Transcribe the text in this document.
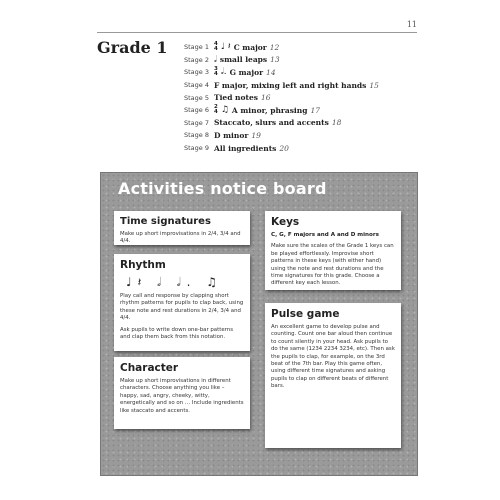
11
Grade 1	Stage 1 4
4 ♩ 𝄽 C major 12
Stage 2 𝅗𝅥 small leaps 13
Stage 3 3
4 𝅗𝅥. G major 14
Stage 4 F major, mixing left and right hands 15
Stage 5 Tied notes 16
Stage 6 2
4 ♫ A minor, phrasing 17
Stage 7 Staccato, slurs and accents 18
Stage 8 D minor 19
Stage 9 All ingredients 20
Activities notice board
Time signatures

Make up short improvisations in 2/4, 3/4 and 4/4.

Rhythm
♩𝄽 𝅗𝅥 𝅗𝅥. ♫

Play call and response by clapping short rhythm patterns for pupils to clap back, using these note and rest durations in 2/4, 3/4 and 4/4.

Ask pupils to write down one-bar patterns and clap them back from this notation.

Character

Make up short improvisations in different characters. Choose anything you like – happy, sad, angry, cheeky, witty, energetically and so on … Include ingredients like staccato and accents.

Keys

C, G, F majors and A and D minors

Make sure the scales of the Grade 1 keys can be played effortlessly. Improvise short patterns in these keys (with either hand) using the note and rest durations and the time signatures for this grade. Choose a different key each lesson.

Pulse game

An excellent game to develop pulse and counting. Count one bar aloud then continue to count silently in your head. Ask pupils to do the same (1234 2234 3234, etc). Then ask the pupils to clap, for example, on the 3rd beat of the 7th bar. Play this game often, using different time signatures and asking pupils to clap on different beats of different bars.
